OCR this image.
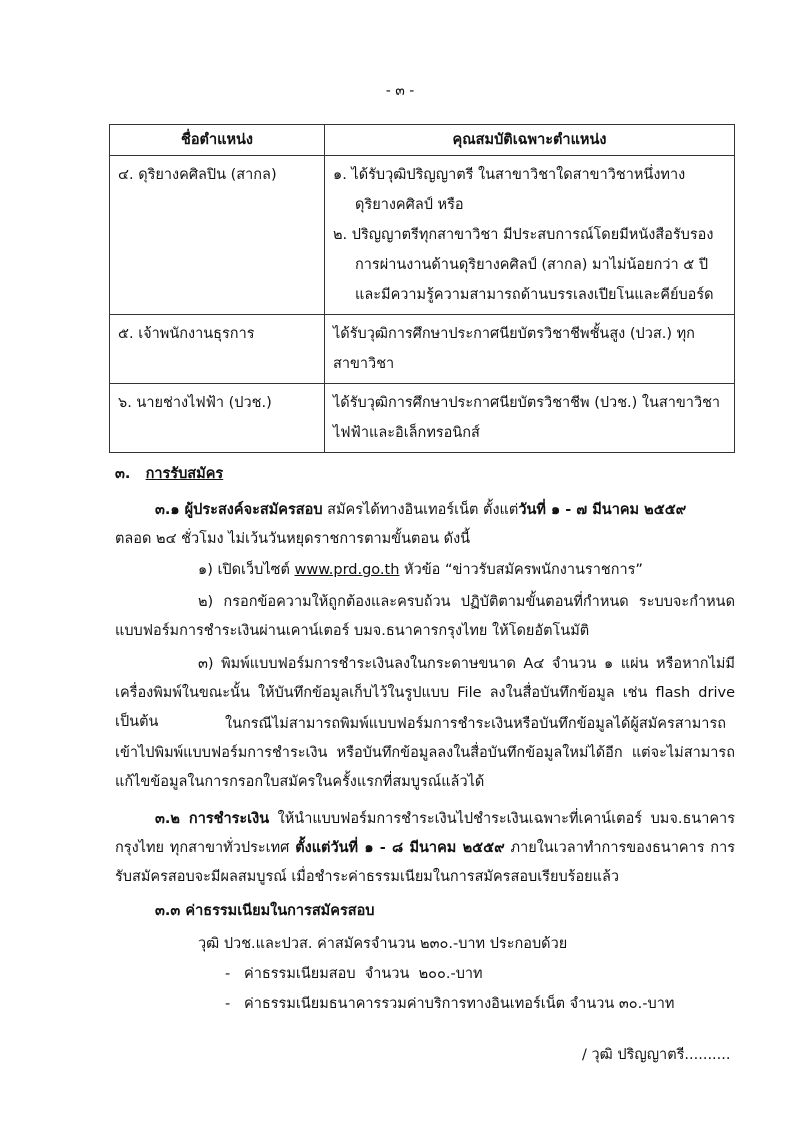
- ๓ -
ชื่อตำแหน่ง	คุณสมบัติเฉพาะตำแหน่ง
๔. ดุริยางคศิลปิน (สากล)	๑. ได้รับวุฒิปริญญาตรี ในสาขาวิชาใดสาขาวิชาหนึ่งทางดุริยางคศิลป์ หรือ
๒. ปริญญาตรีทุกสาขาวิชา มีประสบการณ์โดยมีหนังสือรับรองการผ่านงานด้านดุริยางคศิลป์ (สากล) มาไม่น้อยกว่า ๕ ปี และมีความรู้ความสามารถด้านบรรเลงเปียโนและคีย์บอร์ด

๕. เจ้าพนักงานธุรการ	ได้รับวุฒิการศึกษาประกาศนียบัตรวิชาชีพชั้นสูง (ปวส.) ทุกสาขาวิชา

๖. นายช่างไฟฟ้า (ปวช.)	ได้รับวุฒิการศึกษาประกาศนียบัตรวิชาชีพ (ปวช.) ในสาขาวิชาไฟฟ้าและอิเล็กทรอนิกส์
๓. การรับสมัคร
๓.๑ ผู้ประสงค์จะสมัครสอบ สมัครได้ทางอินเทอร์เน็ต ตั้งแต่วันที่ ๑ - ๗ มีนาคม ๒๕๕๙
ตลอด ๒๔ ชั่วโมง ไม่เว้นวันหยุดราชการตามขั้นตอน ดังนี้
๑) เปิดเว็บไซต์ www.prd.go.th หัวข้อ “ข่าวรับสมัครพนักงานราชการ”
๒) กรอกข้อความให้ถูกต้องและครบถ้วน ปฏิบัติตามขั้นตอนที่กำหนด ระบบจะกำหนดแบบฟอร์มการชำระเงินผ่านเคาน์เตอร์ บมจ.ธนาคารกรุงไทย ให้โดยอัตโนมัติ
๓) พิมพ์แบบฟอร์มการชำระเงินลงในกระดาษขนาด A๔ จำนวน ๑ แผ่น หรือหากไม่มีเครื่องพิมพ์ในขณะนั้น ให้บันทึกข้อมูลเก็บไว้ในรูปแบบ File ลงในสื่อบันทึกข้อมูล เช่น flash drive เป็นต้น	ในกรณีไม่สามารถพิมพ์แบบฟอร์มการชำระเงินหรือบันทึกข้อมูลได้ผู้สมัครสามารถเข้าไปพิมพ์แบบฟอร์มการชำระเงิน หรือบันทึกข้อมูลลงในสื่อบันทึกข้อมูลใหม่ได้อีก แต่จะไม่สามารถแก้ไขข้อมูลในการกรอกใบสมัครในครั้งแรกที่สมบูรณ์แล้วได้
๓.๒ การชำระเงิน ให้นำแบบฟอร์มการชำระเงินไปชำระเงินเฉพาะที่เคาน์เตอร์ บมจ.ธนาคารกรุงไทย ทุกสาขาทั่วประเทศ ตั้งแต่วันที่ ๑ - ๘ มีนาคม ๒๕๕๙ ภายในเวลาทำการของธนาคาร การรับสมัครสอบจะมีผลสมบูรณ์ เมื่อชำระค่าธรรมเนียมในการสมัครสอบเรียบร้อยแล้ว
๓.๓ ค่าธรรมเนียมในการสมัครสอบ
วุฒิ ปวช.และปวส. ค่าสมัครจำนวน ๒๓๐.-บาท ประกอบด้วย
-   ค่าธรรมเนียมสอบ  จำนวน  ๒๐๐.-บาท
-   ค่าธรรมเนียมธนาคารรวมค่าบริการทางอินเทอร์เน็ต จำนวน ๓๐.-บาท
/ วุฒิ ปริญญาตรี..........
